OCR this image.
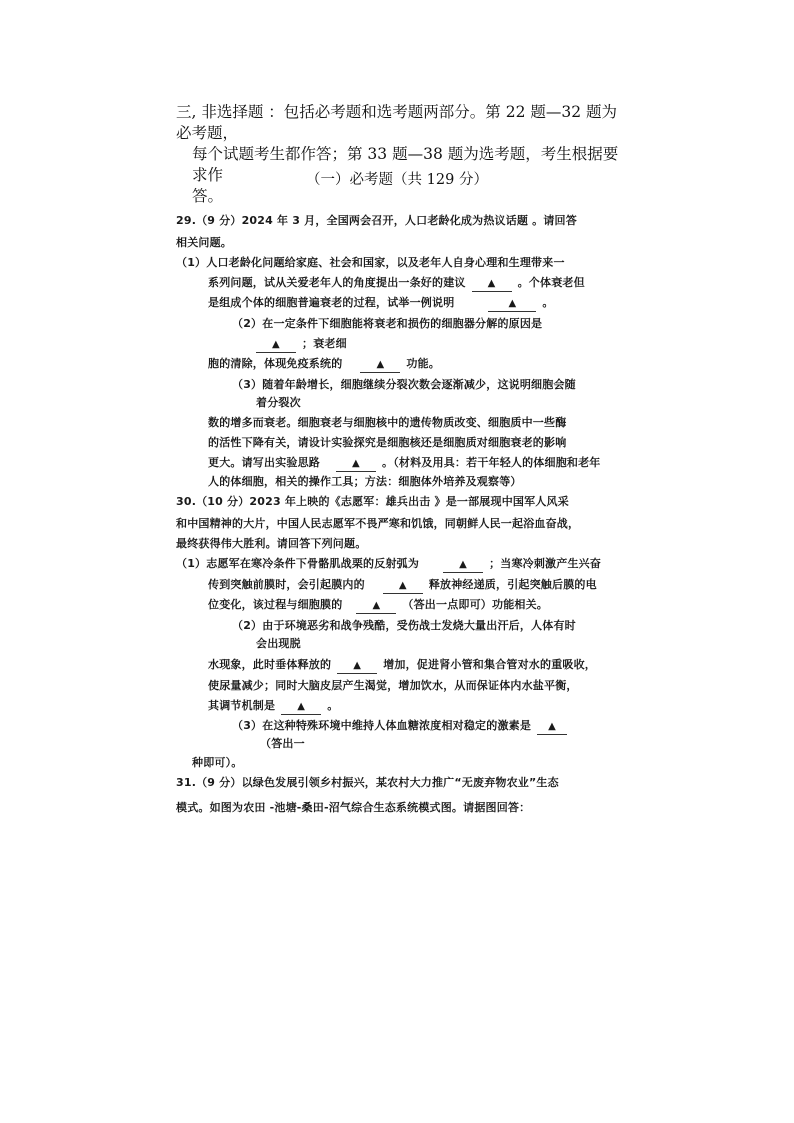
三, 非选择题 ：包括必考题和选考题两部分。第 22 题—32 题为必考题，
每个试题考生都作答；第 33 题—38 题为选考题，考生根据要求作
答。
（一）必考题（共 129 分）
29.（9 分）2024 年 3 月，全国两会召开，人口老龄化成为热议话题 。请回答
相关问题。
（1）人口老龄化问题给家庭、社会和国家，以及老年人自身心理和生理带来一
系列问题，试从关爱老年人的角度提出一条好的建议 ▲ 。个体衰老但
是组成个体的细胞普遍衰老的过程，试举一例说明	▲ 。
（2）在一定条件下细胞能将衰老和损伤的细胞器分解的原因是
▲ ；衰老细
胞的清除，体现免疫系统的	▲ 功能。
（3）随着年龄增长，细胞继续分裂次数会逐渐减少，这说明细胞会随
着分裂次
数的增多而衰老。细胞衰老与细胞核中的遗传物质改变、细胞质中一些酶
的活性下降有关，请设计实验探究是细胞核还是细胞质对细胞衰老的影响
更大。请写出实验思路	▲ 。（材料及用具：若干年轻人的体细胞和老年
人的体细胞，相关的操作工具；方法：细胞体外培养及观察等）
30.（10 分）2023 年上映的《志愿军：雄兵出击 》是一部展现中国军人风采
和中国精神的大片，中国人民志愿军不畏严寒和饥饿，同朝鲜人民一起浴血奋战，
最终获得伟大胜利。请回答下列问题。
（1）志愿军在寒冷条件下骨骼肌战栗的反射弧为	▲ ；当寒冷刺激产生兴奋
传到突触前膜时，会引起膜内的	▲ 释放神经递质，引起突触后膜的电
位变化，该过程与细胞膜的	▲ （答出一点即可）功能相关。
（2）由于环境恶劣和战争残酷，受伤战士发烧大量出汗后，人体有时
会出现脱
水现象，此时垂体释放的 ▲ 增加，促进肾小管和集合管对水的重吸收，
使尿量减少；同时大脑皮层产生渴觉，增加饮水，从而保证体内水盐平衡，
其调节机制是 ▲ 。
（3）在这种特殊环境中维持人体血糖浓度相对稳定的激素是 ▲
（答出一
种即可）。
31.（9 分）以绿色发展引领乡村振兴，某农村大力推广“无废弃物农业”生态
模式。如图为农田 -池塘-桑田-沼气综合生态系统模式图。请据图回答：
